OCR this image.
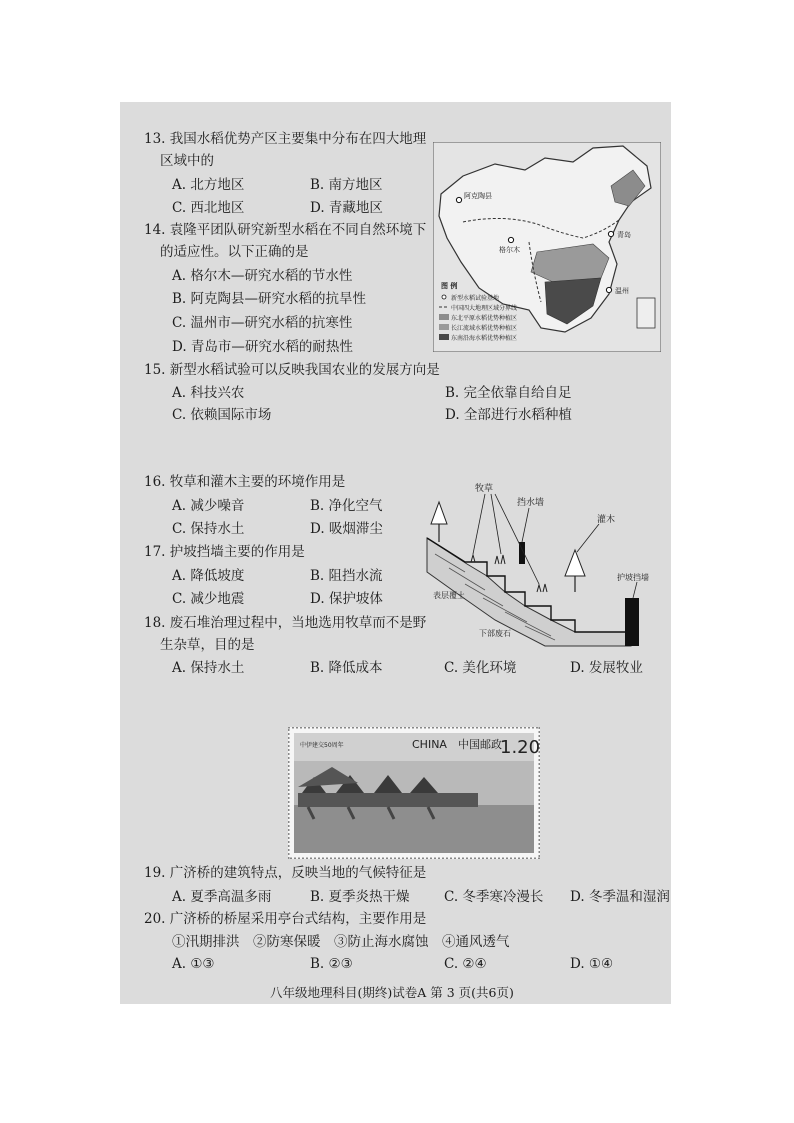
13. 我国水稻优势产区主要集中分布在四大地理
区域中的
A. 北方地区	B. 南方地区
C. 西北地区	D. 青藏地区
14. 袁隆平团队研究新型水稻在不同自然环境下
的适应性。以下正确的是
A. 格尔木—研究水稻的节水性
B. 阿克陶县—研究水稻的抗旱性
C. 温州市—研究水稻的抗寒性
D. 青岛市—研究水稻的耐热性
阿克陶县
格尔木
青岛
温州
图 例
新型水稻试验基地
中国四大地理区域分界线
东北平原水稻优势种植区
长江流域水稻优势种植区
东南沿海水稻优势种植区
15. 新型水稻试验可以反映我国农业的发展方向是
A. 科技兴农	B. 完全依靠自给自足
C. 依赖国际市场	D. 全部进行水稻种植
16. 牧草和灌木主要的环境作用是
A. 减少噪音	B. 净化空气
C. 保持水土	D. 吸烟滞尘
17. 护坡挡墙主要的作用是
A. 降低坡度	B. 阻挡水流
C. 减少地震	D. 保护坡体
牧草
挡水墙
灌木
护坡挡墙
表层覆土
下部废石
18. 废石堆治理过程中，当地选用牧草而不是野
生杂草，目的是
A. 保持水土	B. 降低成本	C. 美化环境	D. 发展牧业
中伊建交50周年	CHINA 中国邮政
1.20
19. 广济桥的建筑特点，反映当地的气候特征是
A. 夏季高温多雨	B. 夏季炎热干燥	C. 冬季寒冷漫长 D. 冬季温和湿润
20. 广济桥的桥屋采用亭台式结构，主要作用是
①汛期排洪　②防寒保暖　③防止海水腐蚀　④通风透气
A. ①③	B. ②③	C. ②④	D. ①④
八年级地理科目(期终)试卷A 第 3 页(共6页)
